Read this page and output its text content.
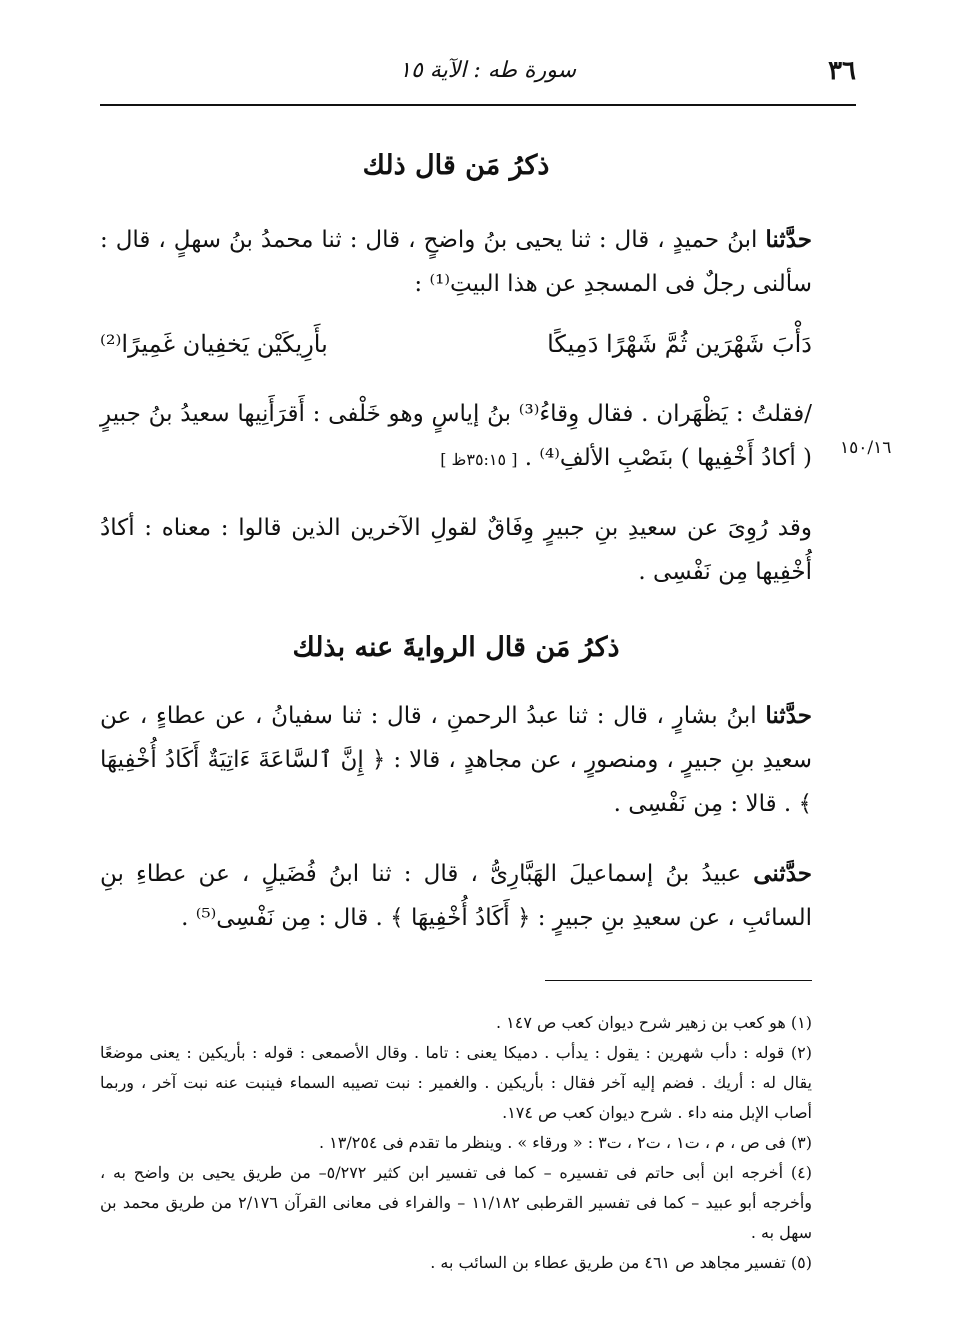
٣٦
سورة طه : الآية ١٥
١٥٠/١٦
ذكرُ مَن قال ذلك

حدَّثنا ابنُ حميدٍ ، قال : ثنا يحيى بنُ واضحٍ ، قال : ثنا محمدُ بنُ سهلٍ ، قال : سألنى رجلٌ فى المسجدِ عن هذا البيتِ⁽¹⁾ :

دَأْبَ شَهْرَين ثُمَّ شَهْرًا دَمِيكًا
بأَرِيكَيْن يَخفِيان غَمِيرًا⁽²⁾

/فقلتُ : يَظْهَران . فقال وِقاءُ⁽³⁾ بنُ إياسٍ وهو خَلْفى : أَقرَأَنِيها سعيدُ بنُ جبيرٍ ( أكادُ أَخْفِيها ) بنَصْبِ الألفِ⁽⁴⁾ . [ ٣٥:١٥ظ ]

وقد رُوِىَ عن سعيدِ بنِ جبيرٍ وِفَاقٌ لقولِ الآخرين الذين قالوا : معناه : أكادُ أُخْفِيها مِن نَفْسِى .

ذكرُ مَن قال الروايةَ عنه بذلك

حدَّثنا ابنُ بشارٍ ، قال : ثنا عبدُ الرحمنِ ، قال : ثنا سفيانُ ، عن عطاءٍ ، عن سعيدِ بنِ جبيرٍ ، ومنصورٍ ، عن مجاهدٍ ، قالا : ﴿ إِنَّ ٱلسَّاعَةَ ءَاتِيَةٌ أَكَادُ أُخْفِيهَا ﴾ . قالا : مِن نَفْسِى .

حدَّثنى عبيدُ بنُ إسماعيلَ الهَبَّارِىُّ ، قال : ثنا ابنُ فُضَيلٍ ، عن عطاءِ بنِ السائبِ ، عن سعيدِ بنِ جبيرٍ : ﴿ أَكَادُ أُخْفِيهَا ﴾ . قال : مِن نَفْسِى⁽⁵⁾ .

(١) هو كعب بن زهير شرح ديوان كعب ص ١٤٧ .

(٢) قوله : دأب شهرين : يقول : يدأب . دميكا يعنى : تاما . وقال الأصمعى : قوله : بأريكين : يعنى موضعًا يقال له : أريك . فضم إليه آخر فقال : بأريكين . والغمير : نبت تصيبه السماء فينبت عنه نبت آخر ، وربما أصاب الإبل منه داء . شرح ديوان كعب ص ١٧٤.

(٣) فى ص ، م ، ت١ ، ت٢ ، ت٣ : « ورقاء » . وينظر ما تقدم فى ١٣/٢٥٤ .

(٤) أخرجه ابن أبى حاتم فى تفسيره – كما فى تفسير ابن كثير ٥/٢٧٢– من طريق يحيى بن واضح به ، وأخرجه أبو عبيد – كما فى تفسير القرطبى ١١/١٨٢ – والفراء فى معانى القرآن ٢/١٧٦ من طريق محمد بن سهل به .

(٥) تفسير مجاهد ص ٤٦١ من طريق عطاء بن السائب به .
